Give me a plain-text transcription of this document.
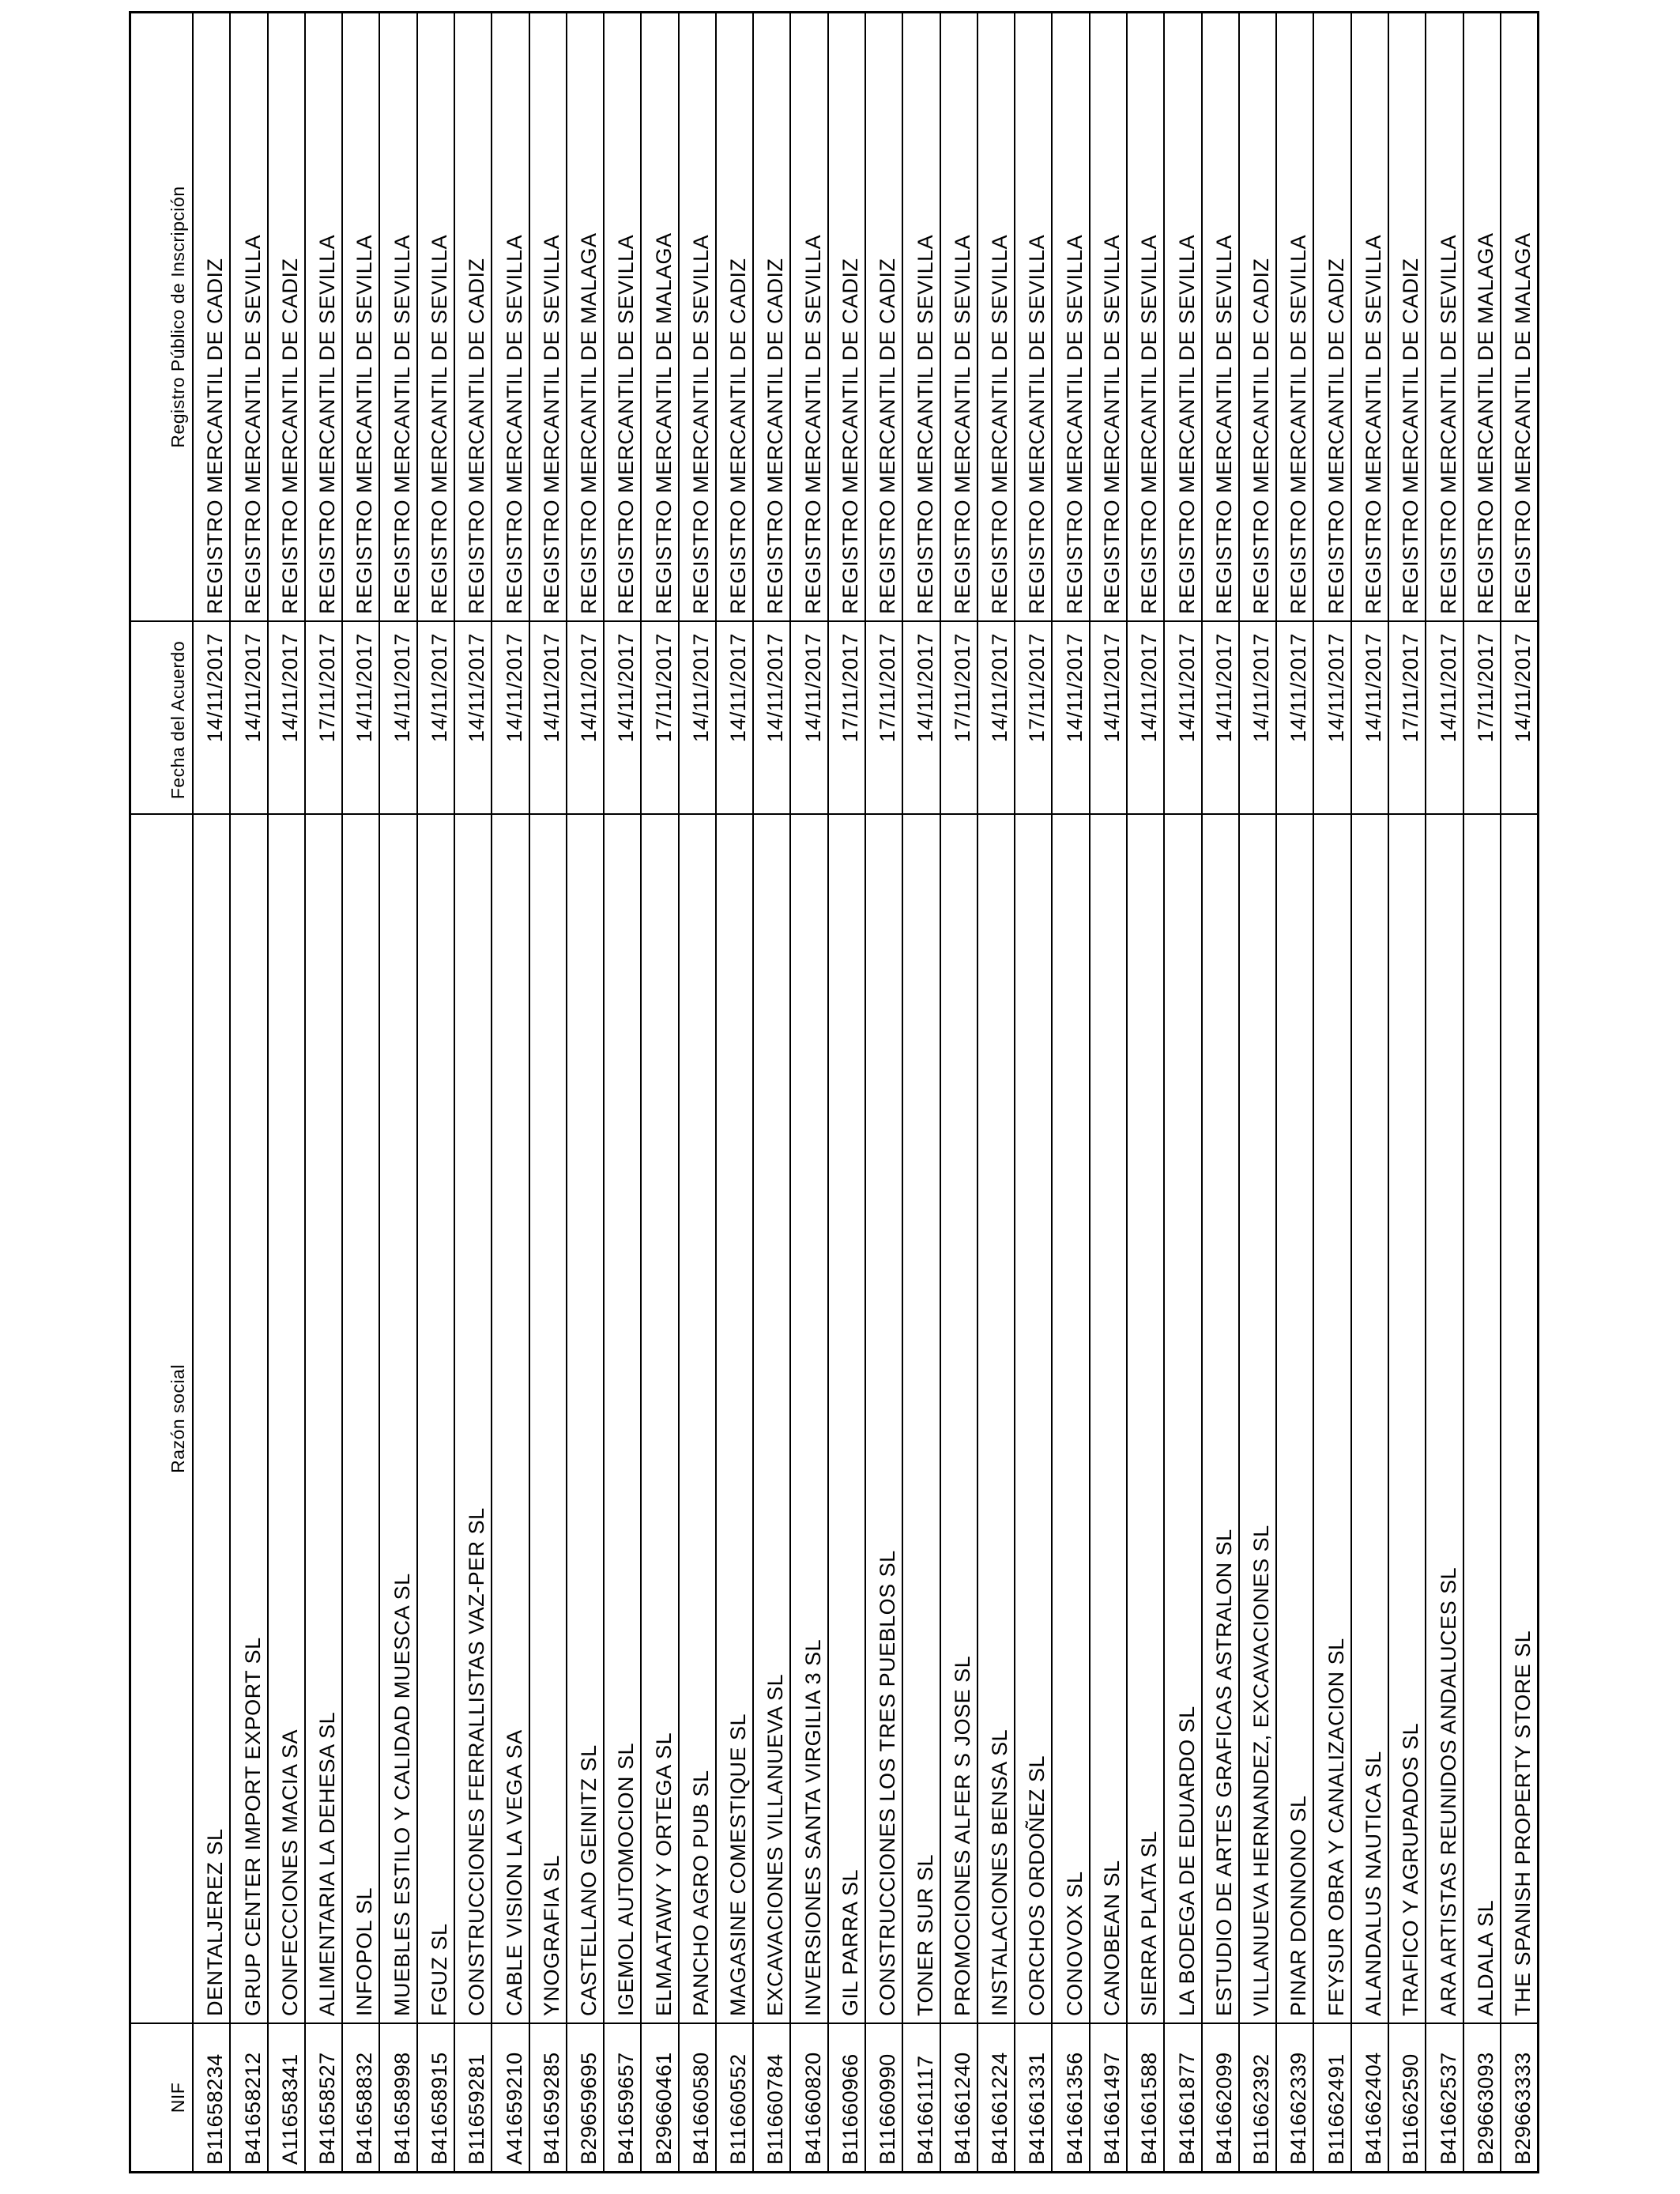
NIF
Razón social
Fecha del Acuerdo
Registro Público de Inscripción
B11658234
DENTALJEREZ SL
14/11/2017
REGISTRO MERCANTIL DE CADIZ
B41658212
GRUP CENTER IMPORT EXPORT SL
14/11/2017
REGISTRO MERCANTIL DE SEVILLA
A11658341
CONFECCIONES MACIA SA
14/11/2017
REGISTRO MERCANTIL DE CADIZ
B41658527
ALIMENTARIA LA DEHESA SL
17/11/2017
REGISTRO MERCANTIL DE SEVILLA
B41658832
INFOPOL SL
14/11/2017
REGISTRO MERCANTIL DE SEVILLA
B41658998
MUEBLES ESTILO Y CALIDAD MUESCA SL
14/11/2017
REGISTRO MERCANTIL DE SEVILLA
B41658915
FGUZ SL
14/11/2017
REGISTRO MERCANTIL DE SEVILLA
B11659281
CONSTRUCCIONES FERRALLISTAS VAZ-PER SL
14/11/2017
REGISTRO MERCANTIL DE CADIZ
A41659210
CABLE VISION LA VEGA SA
14/11/2017
REGISTRO MERCANTIL DE SEVILLA
B41659285
YNOGRAFIA SL
14/11/2017
REGISTRO MERCANTIL DE SEVILLA
B29659695
CASTELLANO GEINITZ SL
14/11/2017
REGISTRO MERCANTIL DE MALAGA
B41659657
IGEMOL AUTOMOCION SL
14/11/2017
REGISTRO MERCANTIL DE SEVILLA
B29660461
ELMAATAWY Y ORTEGA SL
17/11/2017
REGISTRO MERCANTIL DE MALAGA
B41660580
PANCHO AGRO PUB SL
14/11/2017
REGISTRO MERCANTIL DE SEVILLA
B11660552
MAGASINE COMESTIQUE SL
14/11/2017
REGISTRO MERCANTIL DE CADIZ
B11660784
EXCAVACIONES VILLANUEVA SL
14/11/2017
REGISTRO MERCANTIL DE CADIZ
B41660820
INVERSIONES SANTA VIRGILIA 3 SL
14/11/2017
REGISTRO MERCANTIL DE SEVILLA
B11660966
GIL PARRA SL
17/11/2017
REGISTRO MERCANTIL DE CADIZ
B11660990
CONSTRUCCIONES LOS TRES PUEBLOS SL
17/11/2017
REGISTRO MERCANTIL DE CADIZ
B41661117
TONER SUR SL
14/11/2017
REGISTRO MERCANTIL DE SEVILLA
B41661240
PROMOCIONES ALFER S JOSE SL
17/11/2017
REGISTRO MERCANTIL DE SEVILLA
B41661224
INSTALACIONES BENSA SL
14/11/2017
REGISTRO MERCANTIL DE SEVILLA
B41661331
CORCHOS ORDOÑEZ SL
17/11/2017
REGISTRO MERCANTIL DE SEVILLA
B41661356
CONOVOX SL
14/11/2017
REGISTRO MERCANTIL DE SEVILLA
B41661497
CANOBEAN SL
14/11/2017
REGISTRO MERCANTIL DE SEVILLA
B41661588
SIERRA PLATA SL
14/11/2017
REGISTRO MERCANTIL DE SEVILLA
B41661877
LA BODEGA DE EDUARDO SL
14/11/2017
REGISTRO MERCANTIL DE SEVILLA
B41662099
ESTUDIO DE ARTES GRAFICAS ASTRALON SL
14/11/2017
REGISTRO MERCANTIL DE SEVILLA
B11662392
VILLANUEVA HERNANDEZ, EXCAVACIONES SL
14/11/2017
REGISTRO MERCANTIL DE CADIZ
B41662339
PINAR DONNONO SL
14/11/2017
REGISTRO MERCANTIL DE SEVILLA
B11662491
FEYSUR OBRA Y CANALIZACION SL
14/11/2017
REGISTRO MERCANTIL DE CADIZ
B41662404
ALANDALUS NAUTICA SL
14/11/2017
REGISTRO MERCANTIL DE SEVILLA
B11662590
TRAFICO Y AGRUPADOS SL
17/11/2017
REGISTRO MERCANTIL DE CADIZ
B41662537
ARA ARTISTAS REUNIDOS ANDALUCES SL
14/11/2017
REGISTRO MERCANTIL DE SEVILLA
B29663093
ALDALA SL
17/11/2017
REGISTRO MERCANTIL DE MALAGA
B29663333
THE SPANISH PROPERTY STORE SL
14/11/2017
REGISTRO MERCANTIL DE MALAGA
